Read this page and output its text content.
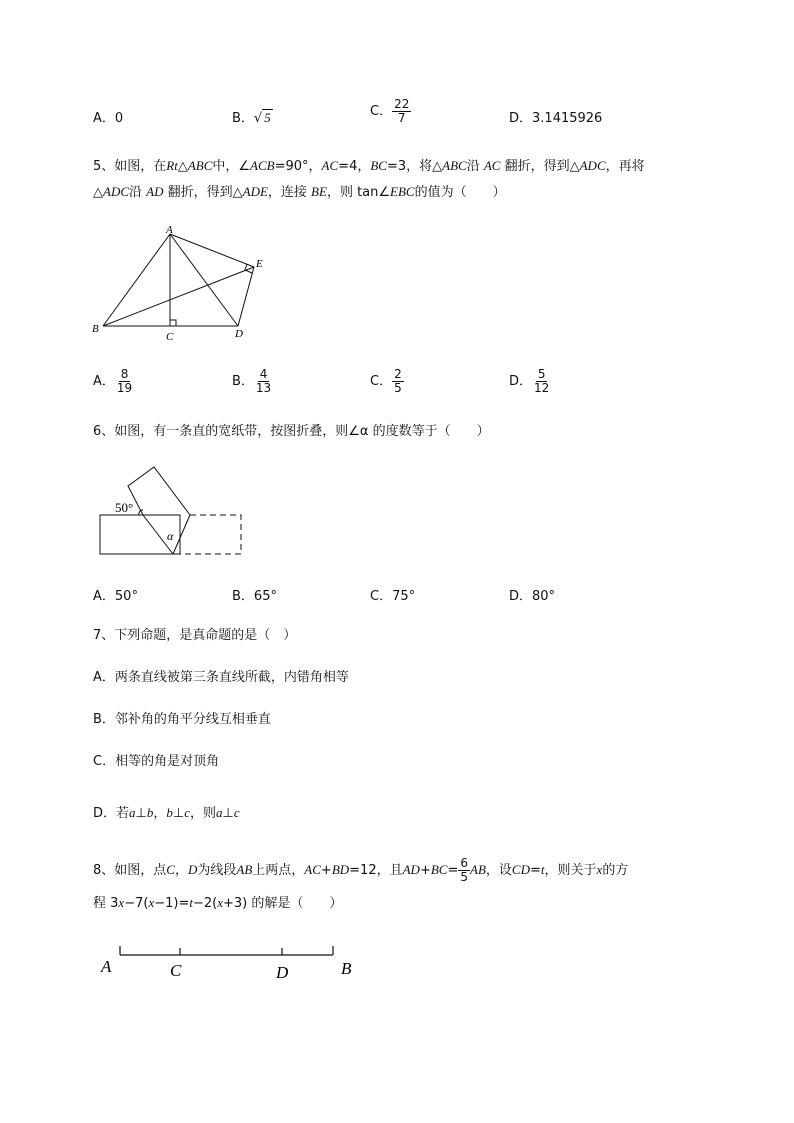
A．0	B． √ 5	C． $\frac{22}{7}$	D．3.1415926
5、如图，在Rt△ABC中，∠ACB=90°，AC=4，BC=3，将△ABC沿 AC 翻折，得到△ADC，再将
△ADC沿 AD 翻折，得到△ADE，连接 BE，则 tan∠EBC的值为（　　）
A
B
C	D
E
A． $\frac{8}{19}$	B． $\frac{4}{13}$	C． $\frac{2}{5}$	D． $\frac{5}{12}$
6、如图，有一条直的宽纸带，按图折叠，则∠α 的度数等于（　　）
50°
α
A．50°	B．65°	C．75°	D．80°
7、下列命题，是真命题的是（　）
A．两条直线被第三条直线所截，内错角相等
B．邻补角的角平分线互相垂直
C．相等的角是对顶角
D．若a⊥b，b⊥c，则a⊥c
8、如图，点C，D为线段AB上两点，AC+BD=12，且$AD+BC= \frac{6}{5}$ AB，设CD=t，则关于x的方
程 3x−7(x−1)=t−2(x+3) 的解是（　　）
A	C	D	B
